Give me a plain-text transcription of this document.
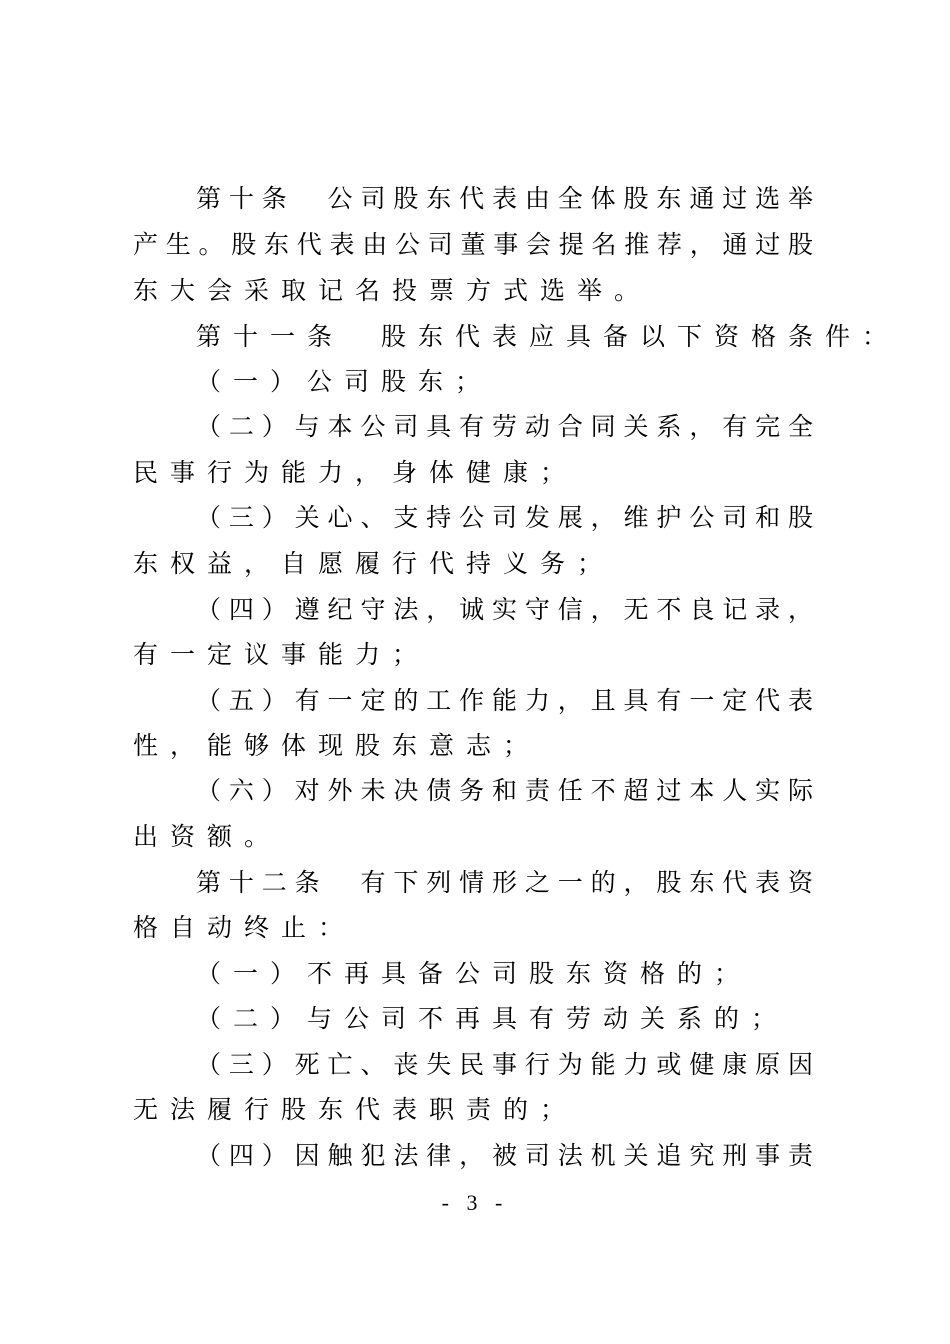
第十条　公司股东代表由全体股东通过选举
产生。股东代表由公司董事会提名推荐，通过股
东大会采取记名投票方式选举。
第十一条　股东代表应具备以下资格条件：
（一）公司股东；
（二）与本公司具有劳动合同关系，有完全
民事行为能力，身体健康；
（三）关心、支持公司发展，维护公司和股
东权益，自愿履行代持义务；
（四）遵纪守法，诚实守信，无不良记录，
有一定议事能力；
（五）有一定的工作能力，且具有一定代表
性，能够体现股东意志；
（六）对外未决债务和责任不超过本人实际
出资额。
第十二条　有下列情形之一的，股东代表资
格自动终止：
（一）不再具备公司股东资格的；
（二）与公司不再具有劳动关系的；
（三）死亡、丧失民事行为能力或健康原因
无法履行股东代表职责的；
（四）因触犯法律，被司法机关追究刑事责
- 3 -
